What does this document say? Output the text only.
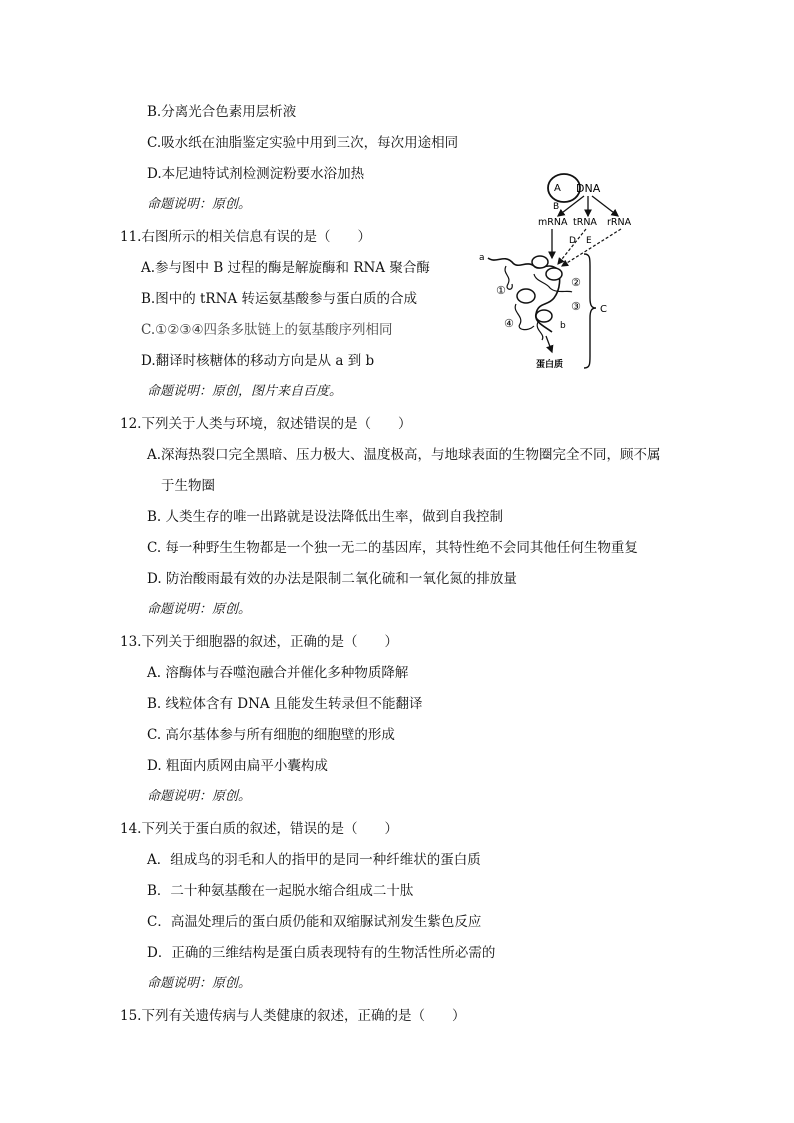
B.分离光合色素用层析液
C.吸水纸在油脂鉴定实验中用到三次，每次用途相同
D.本尼迪特试剂检测淀粉要水浴加热
命题说明：原创。
11.右图所示的相关信息有误的是（　　）
A.参与图中 B 过程的酶是解旋酶和 RNA 聚合酶
B.图中的 tRNA 转运氨基酸参与蛋白质的合成
C.①②③④四条多肽链上的氨基酸序列相同
D.翻译时核糖体的移动方向是从 a 到 b
命题说明：原创，图片来自百度。
A DNA
B
mRNA tRNA rRNA
D E
a
①
②
③
④	b
蛋白质
C
12.下列关于人类与环境，叙述错误的是（　　）
A.深海热裂口完全黑暗、压力极大、温度极高，与地球表面的生物圈完全不同，顾不属
于生物圈
B. 人类生存的唯一出路就是设法降低出生率，做到自我控制
C. 每一种野生生物都是一个独一无二的基因库，其特性绝不会同其他任何生物重复
D. 防治酸雨最有效的办法是限制二氧化硫和一氧化氮的排放量
命题说明：原创。
13.下列关于细胞器的叙述，正确的是（　　）
A. 溶酶体与吞噬泡融合并催化多种物质降解
B. 线粒体含有 DNA 且能发生转录但不能翻译
C. 高尔基体参与所有细胞的细胞壁的形成
D. 粗面内质网由扁平小囊构成
命题说明：原创。
14.下列关于蛋白质的叙述，错误的是（　　）
A．组成鸟的羽毛和人的指甲的是同一种纤维状的蛋白质
B．二十种氨基酸在一起脱水缩合组成二十肽
C．高温处理后的蛋白质仍能和双缩脲试剂发生紫色反应
D．正确的三维结构是蛋白质表现特有的生物活性所必需的
命题说明：原创。
15.下列有关遗传病与人类健康的叙述，正确的是（　　）
